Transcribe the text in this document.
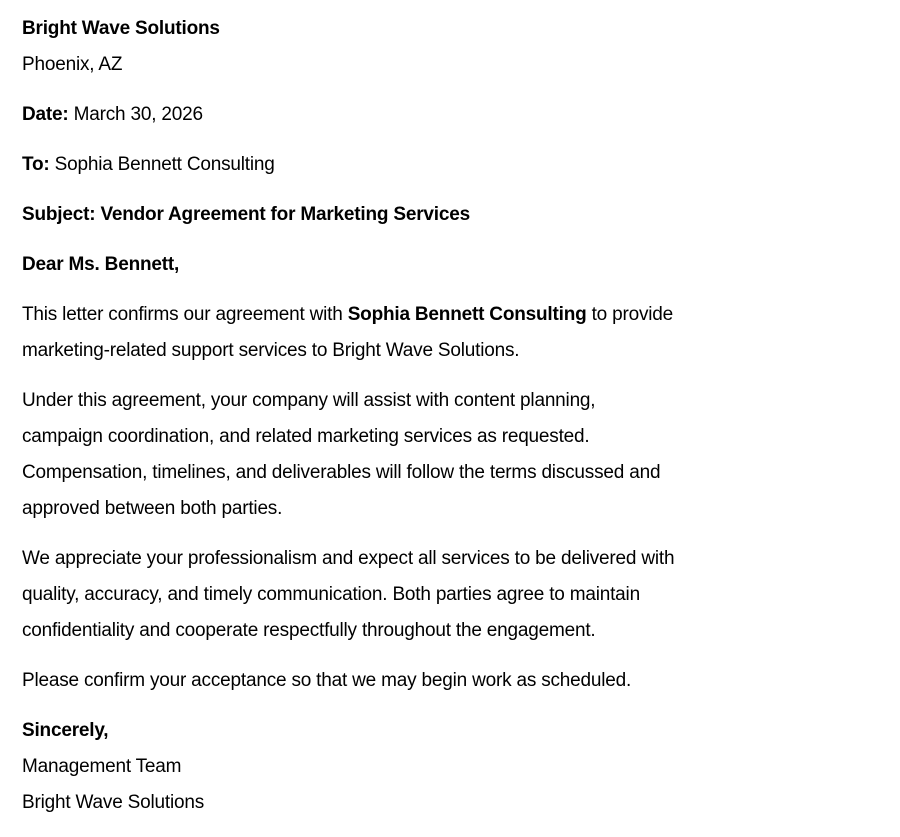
Bright Wave Solutions
Phoenix, AZ
Date: March 30, 2026
To: Sophia Bennett Consulting
Subject: Vendor Agreement for Marketing Services
Dear Ms. Bennett,
This letter confirms our agreement with Sophia Bennett Consulting to provide
marketing-related support services to Bright Wave Solutions.
Under this agreement, your company will assist with content planning,
campaign coordination, and related marketing services as requested.
Compensation, timelines, and deliverables will follow the terms discussed and
approved between both parties.
We appreciate your professionalism and expect all services to be delivered with
quality, accuracy, and timely communication. Both parties agree to maintain
confidentiality and cooperate respectfully throughout the engagement.
Please confirm your acceptance so that we may begin work as scheduled.
Sincerely,
Management Team
Bright Wave Solutions
